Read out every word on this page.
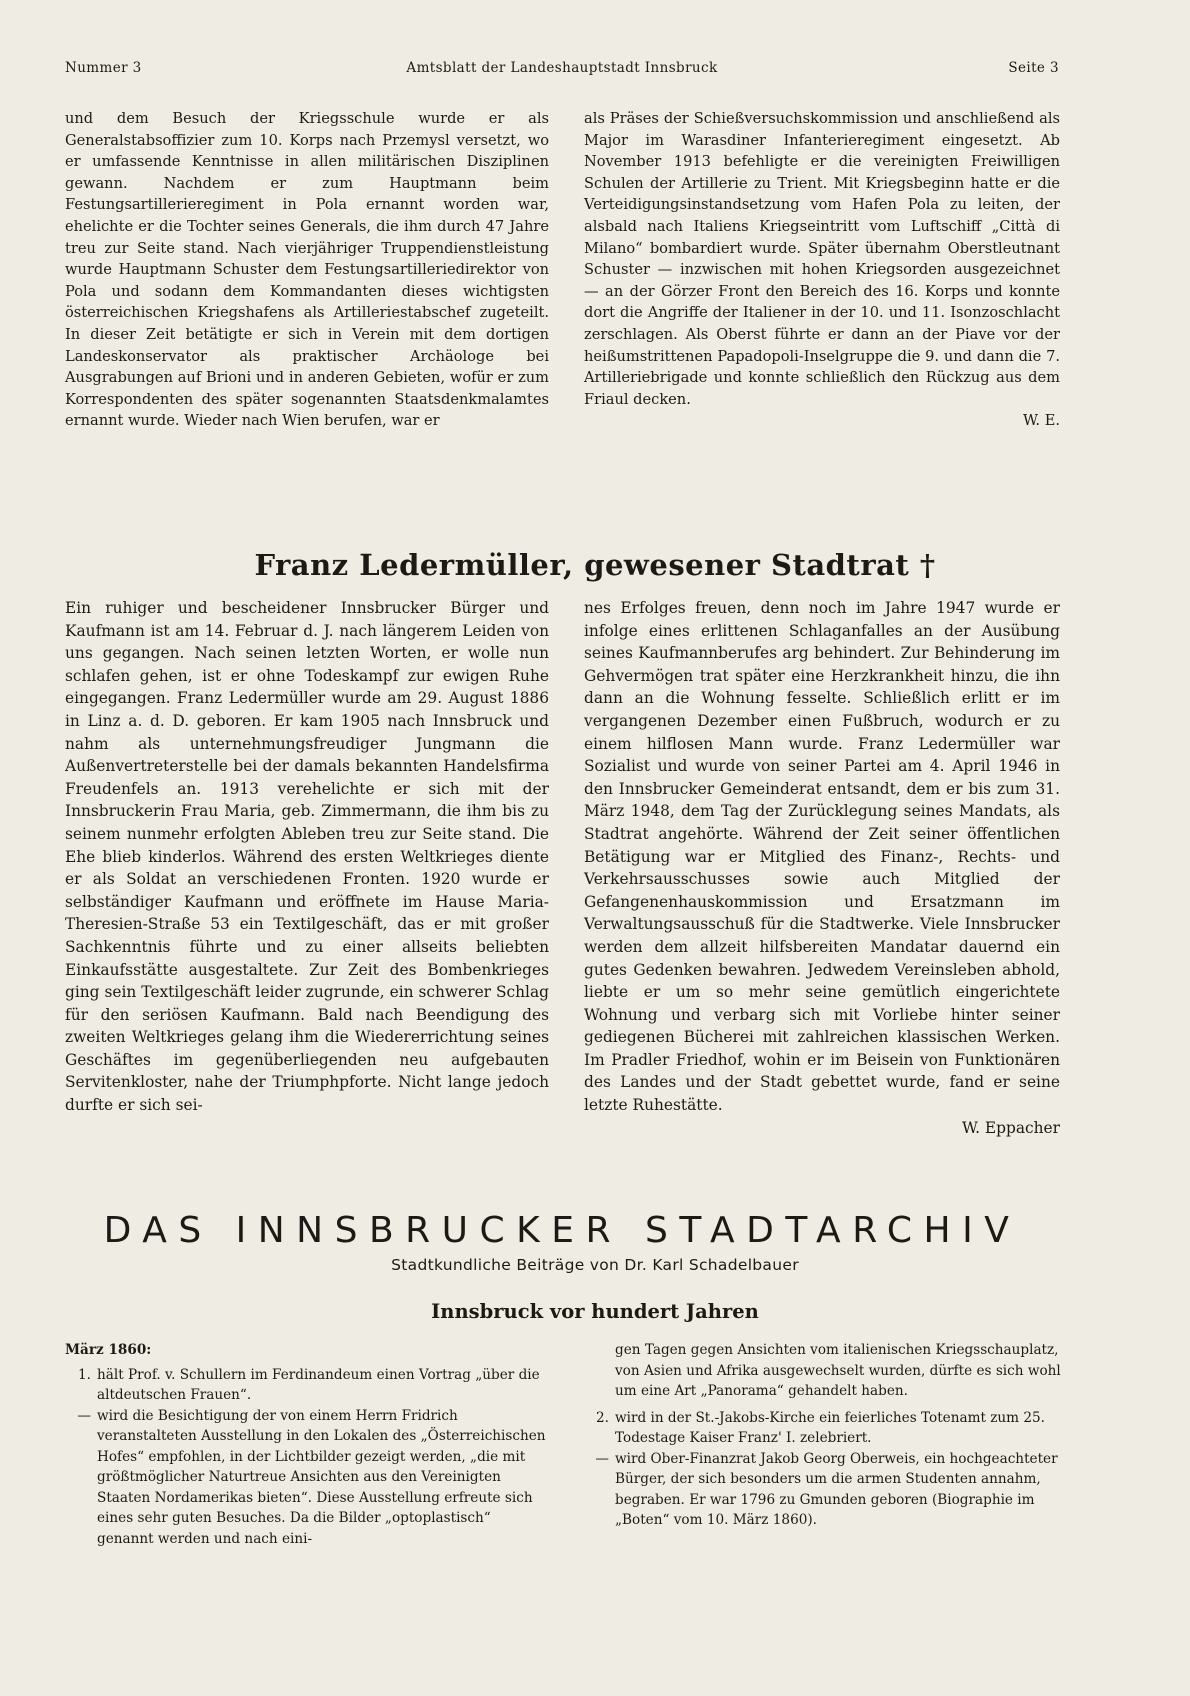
Nummer 3	Amtsblatt der Landeshauptstadt Innsbruck	Seite 3

und dem Besuch der Kriegsschule wurde er als Generalstabsoffizier zum 10. Korps nach Przemysl versetzt, wo er umfassende Kenntnisse in allen militärischen Disziplinen gewann. Nachdem er zum Hauptmann beim Festungsartillerieregiment in Pola ernannt worden war, ehelichte er die Tochter seines Generals, die ihm durch 47 Jahre treu zur Seite stand. Nach vierjähriger Truppendienstleistung wurde Hauptmann Schuster dem Festungsartilleriedirektor von Pola und sodann dem Kommandanten dieses wichtigsten österreichischen Kriegshafens als Artilleriestabschef zugeteilt. In dieser Zeit betätigte er sich in Verein mit dem dortigen Landeskonservator als praktischer Archäologe bei Ausgrabungen auf Brioni und in anderen Gebieten, wofür er zum Korrespondenten des später sogenannten Staatsdenkmalamtes ernannt wurde. Wieder nach Wien berufen, war er

als Präses der Schießversuchskommission und anschließend als Major im Warasdiner Infanterieregiment eingesetzt. Ab November 1913 befehligte er die vereinigten Freiwilligen Schulen der Artillerie zu Trient. Mit Kriegsbeginn hatte er die Verteidigungsinstandsetzung vom Hafen Pola zu leiten, der alsbald nach Italiens Kriegseintritt vom Luftschiff „Città di Milano“ bombardiert wurde. Später übernahm Oberstleutnant Schuster — inzwischen mit hohen Kriegsorden ausgezeichnet — an der Görzer Front den Bereich des 16. Korps und konnte dort die Angriffe der Italiener in der 10. und 11. Isonzoschlacht zerschlagen. Als Oberst führte er dann an der Piave vor der heißumstrittenen Papadopoli-Inselgruppe die 9. und dann die 7. Artilleriebrigade und konnte schließlich den Rückzug aus dem Friaul decken.

W. E.
Franz Ledermüller, gewesener Stadtrat †

Ein ruhiger und bescheidener Innsbrucker Bürger und Kaufmann ist am 14. Februar d. J. nach längerem Leiden von uns gegangen. Nach seinen letzten Worten, er wolle nun schlafen gehen, ist er ohne Todeskampf zur ewigen Ruhe eingegangen. Franz Ledermüller wurde am 29. August 1886 in Linz a. d. D. geboren. Er kam 1905 nach Innsbruck und nahm als unternehmungsfreudiger Jungmann die Außenvertreterstelle bei der damals bekannten Handelsfirma Freudenfels an. 1913 verehelichte er sich mit der Innsbruckerin Frau Maria, geb. Zimmermann, die ihm bis zu seinem nunmehr erfolgten Ableben treu zur Seite stand. Die Ehe blieb kinderlos. Während des ersten Weltkrieges diente er als Soldat an verschiedenen Fronten. 1920 wurde er selbständiger Kaufmann und eröffnete im Hause Maria-Theresien-Straße 53 ein Textilgeschäft, das er mit großer Sachkenntnis führte und zu einer allseits beliebten Einkaufsstätte ausgestaltete. Zur Zeit des Bombenkrieges ging sein Textilgeschäft leider zugrunde, ein schwerer Schlag für den seriösen Kaufmann. Bald nach Beendigung des zweiten Weltkrieges gelang ihm die Wiedererrichtung seines Geschäftes im gegenüberliegenden neu aufgebauten Servitenkloster, nahe der Triumphpforte. Nicht lange jedoch durfte er sich sei-

nes Erfolges freuen, denn noch im Jahre 1947 wurde er infolge eines erlittenen Schlaganfalles an der Ausübung seines Kaufmannberufes arg behindert. Zur Behinderung im Gehvermögen trat später eine Herzkrankheit hinzu, die ihn dann an die Wohnung fesselte. Schließlich erlitt er im vergangenen Dezember einen Fußbruch, wodurch er zu einem hilflosen Mann wurde. Franz Ledermüller war Sozialist und wurde von seiner Partei am 4. April 1946 in den Innsbrucker Gemeinderat entsandt, dem er bis zum 31. März 1948, dem Tag der Zurücklegung seines Mandats, als Stadtrat angehörte. Während der Zeit seiner öffentlichen Betätigung war er Mitglied des Finanz-, Rechts- und Verkehrsausschusses sowie auch Mitglied der Gefangenenhauskommission und Ersatzmann im Verwaltungsausschuß für die Stadtwerke. Viele Innsbrucker werden dem allzeit hilfsbereiten Mandatar dauernd ein gutes Gedenken bewahren. Jedwedem Vereinsleben abhold, liebte er um so mehr seine gemütlich eingerichtete Wohnung und verbarg sich mit Vorliebe hinter seiner gediegenen Bücherei mit zahlreichen klassischen Werken. Im Pradler Friedhof, wohin er im Beisein von Funktionären des Landes und der Stadt gebettet wurde, fand er seine letzte Ruhestätte.

W. Eppacher
DAS INNSBRUCKER STADTARCHIV
Stadtkundliche Beiträge von Dr. Karl Schadelbauer
Innsbruck vor hundert Jahren
März 1860:
1. hält Prof. v. Schullern im Ferdinandeum einen Vortrag „über die altdeutschen Frauen“.
— wird die Besichtigung der von einem Herrn Fridrich veranstalteten Ausstellung in den Lokalen des „Österreichischen Hofes“ empfohlen, in der Lichtbilder gezeigt werden, „die mit größtmöglicher Naturtreue Ansichten aus den Vereinigten Staaten Nordamerikas bieten“. Diese Ausstellung erfreute sich eines sehr guten Besuches. Da die Bilder „optoplastisch“ genannt werden und nach eini-
gen Tagen gegen Ansichten vom italienischen Kriegsschauplatz, von Asien und Afrika ausgewechselt wurden, dürfte es sich wohl um eine Art „Panorama“ gehandelt haben.
2. wird in der St.-Jakobs-Kirche ein feierliches Totenamt zum 25. Todestage Kaiser Franz' I. zelebriert.
— wird Ober-Finanzrat Jakob Georg Oberweis, ein hochgeachteter Bürger, der sich besonders um die armen Studenten annahm, begraben. Er war 1796 zu Gmunden geboren (Biographie im „Boten“ vom 10. März 1860).
